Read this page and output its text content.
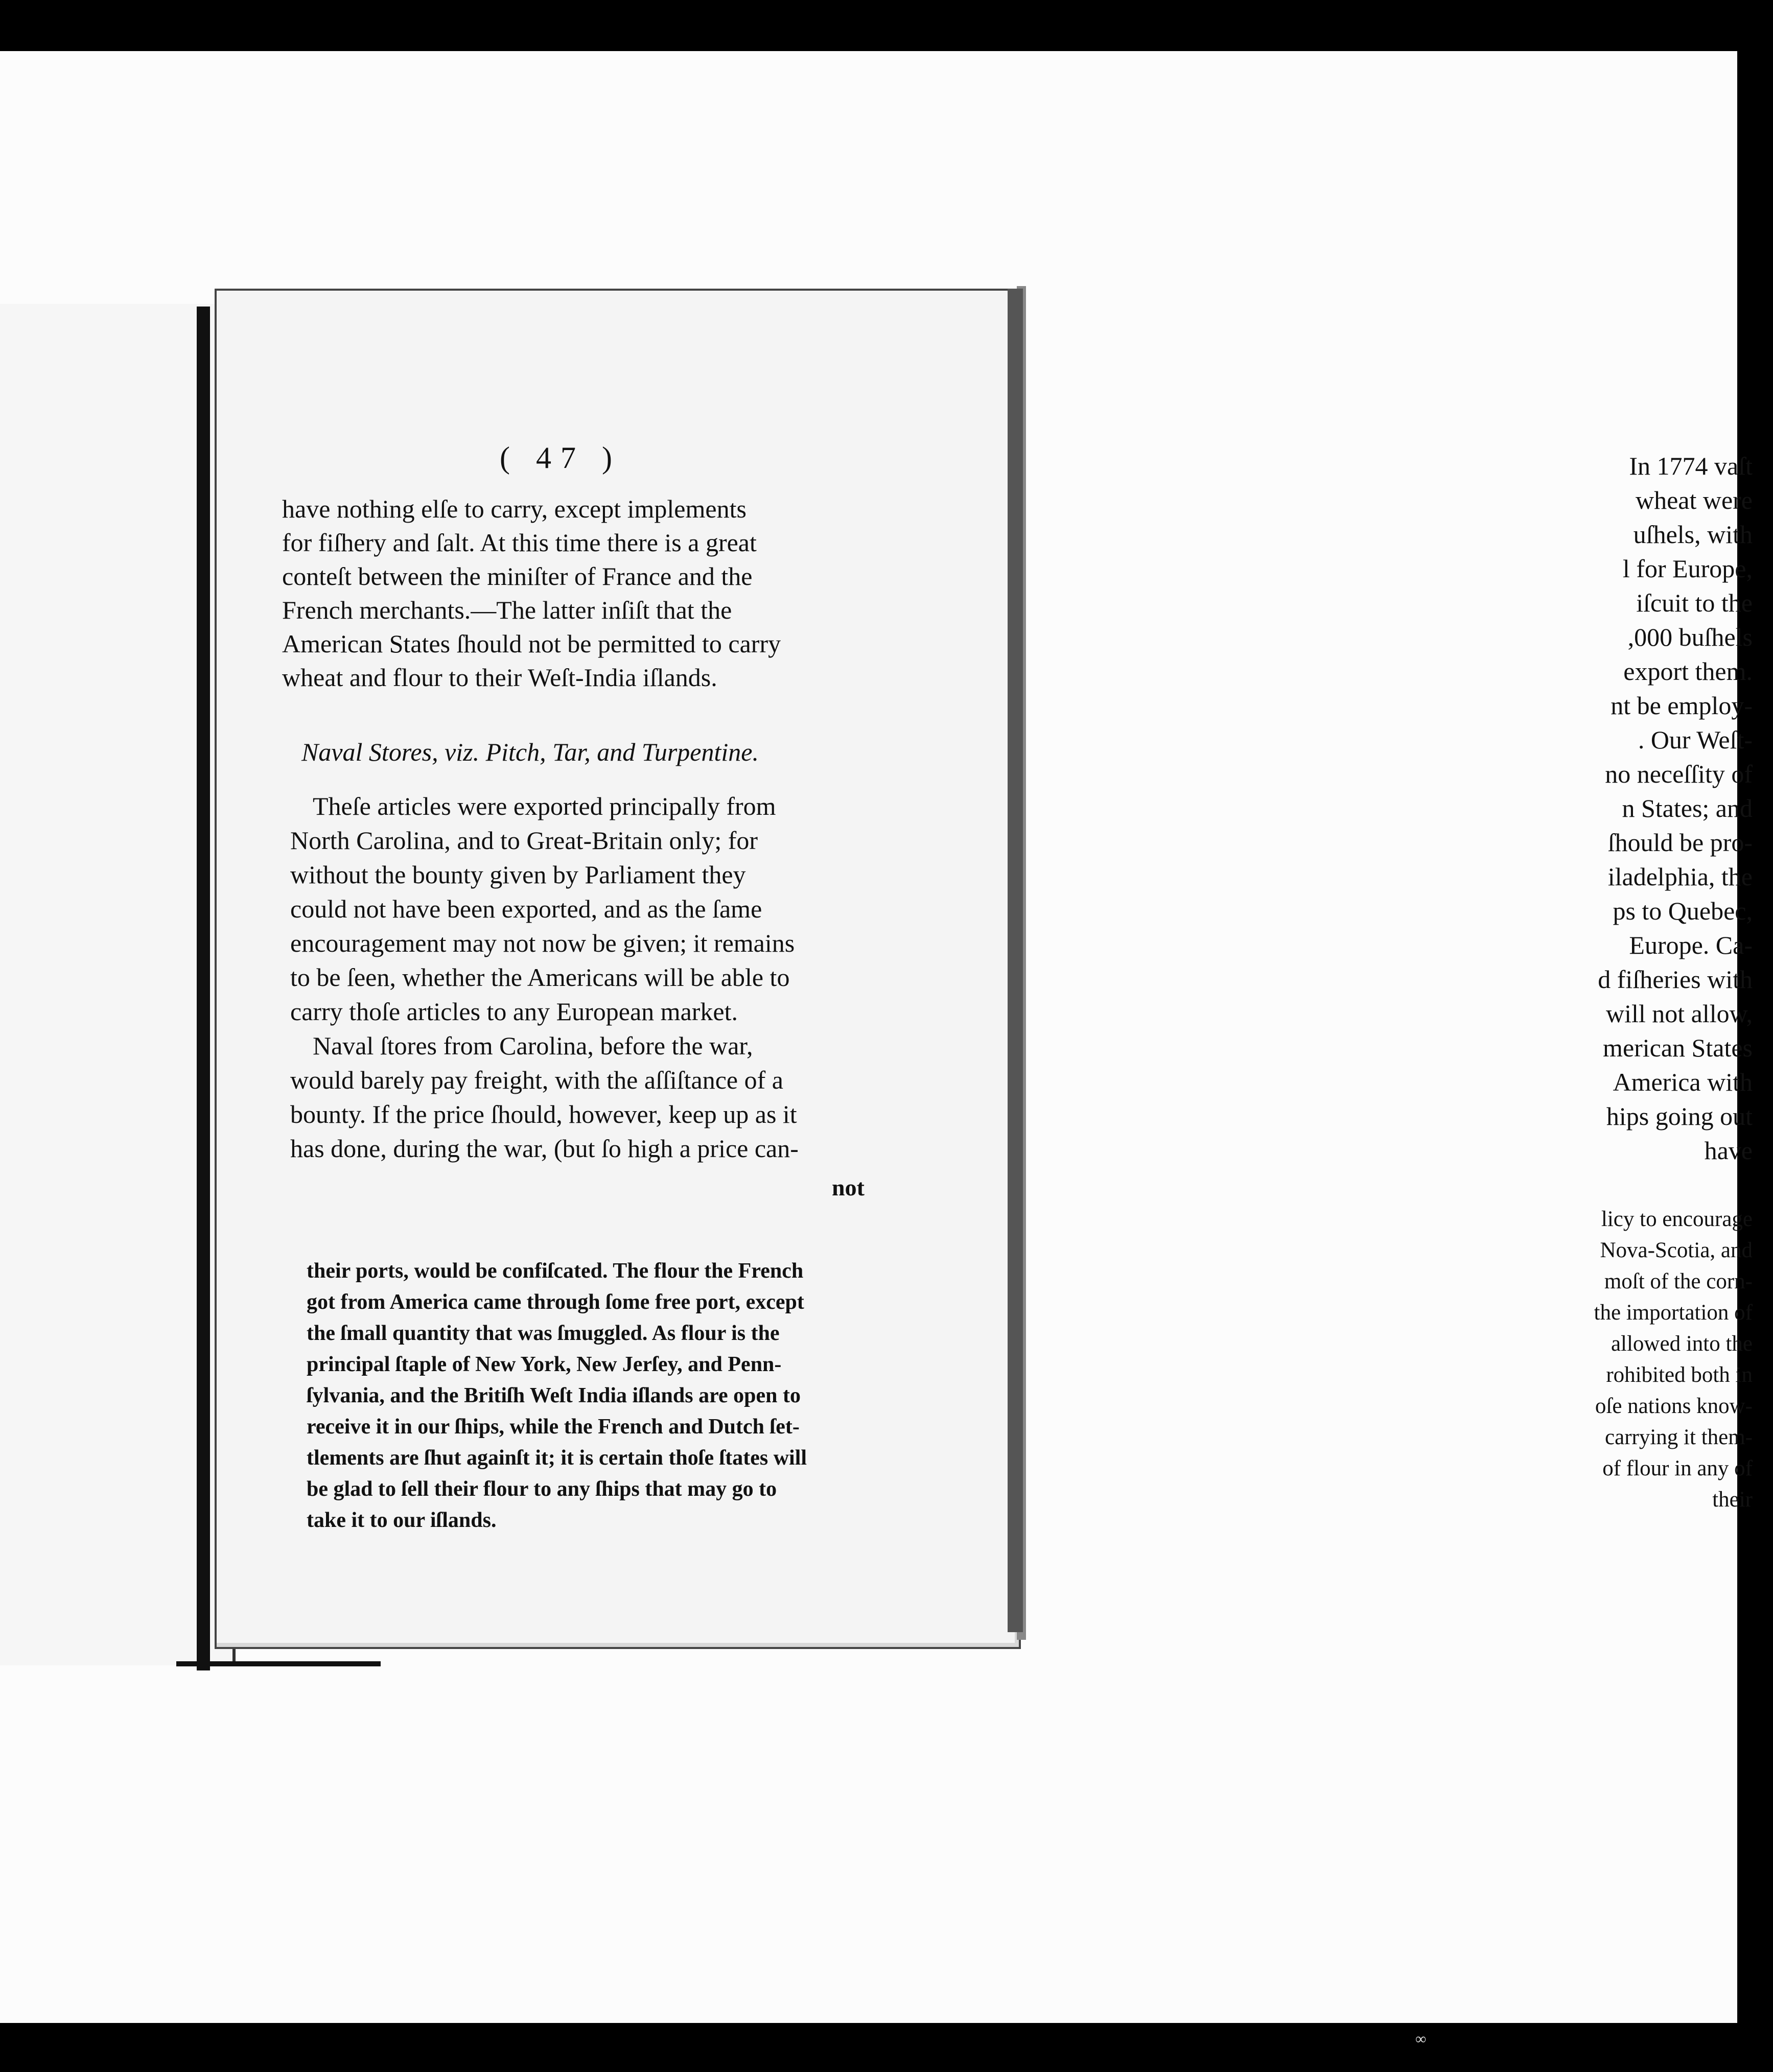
∞
In 1774 vaſt
wheat were
uſhels, with
l for Europe,
iſcuit to the
,000 buſhels
export them.
nt be employ-
. Our Weſt-
no neceſſity of
n States; and
ſhould be pro-
iladelphia, the
ps to Quebec,
Europe. Ca-
d fiſheries with
will not allow,
merican States
America with
hips going out
have
licy to encourage
Nova-Scotia, and
moſt of the corn-
the importation of
allowed into the
rohibited both in
oſe nations know-
carrying it them-
of flour in any of
their
( 47 )
have nothing elſe to carry, except implements
for fiſhery and ſalt. At this time there is a great
conteſt between the miniſter of France and the
French merchants.—The latter inſiſt that the
American States ſhould not be permitted to carry
wheat and flour to their Weſt-India iſlands.
Theſe articles were exported principally from
North Carolina, and to Great-Britain only; for
without the bounty given by Parliament they
could not have been exported, and as the ſame
encouragement may not now be given; it remains
to be ſeen, whether the Americans will be able to
carry thoſe articles to any European market.
Naval ſtores from Carolina, before the war,
would barely pay freight, with the aſſiſtance of a
bounty. If the price ſhould, however, keep up as it
has done, during the war, (but ſo high a price can-
Naval Stores, viz. Pitch, Tar, and Turpentine.
not
their ports, would be confiſcated. The flour the French
got from America came through ſome free port, except
the ſmall quantity that was ſmuggled. As flour is the
principal ſtaple of New York, New Jerſey, and Penn-
ſylvania, and the Britiſh Weſt India iſlands are open to
receive it in our ſhips, while the French and Dutch ſet-
tlements are ſhut againſt it; it is certain thoſe ſtates will
be glad to ſell their flour to any ſhips that may go to
take it to our iſlands.
